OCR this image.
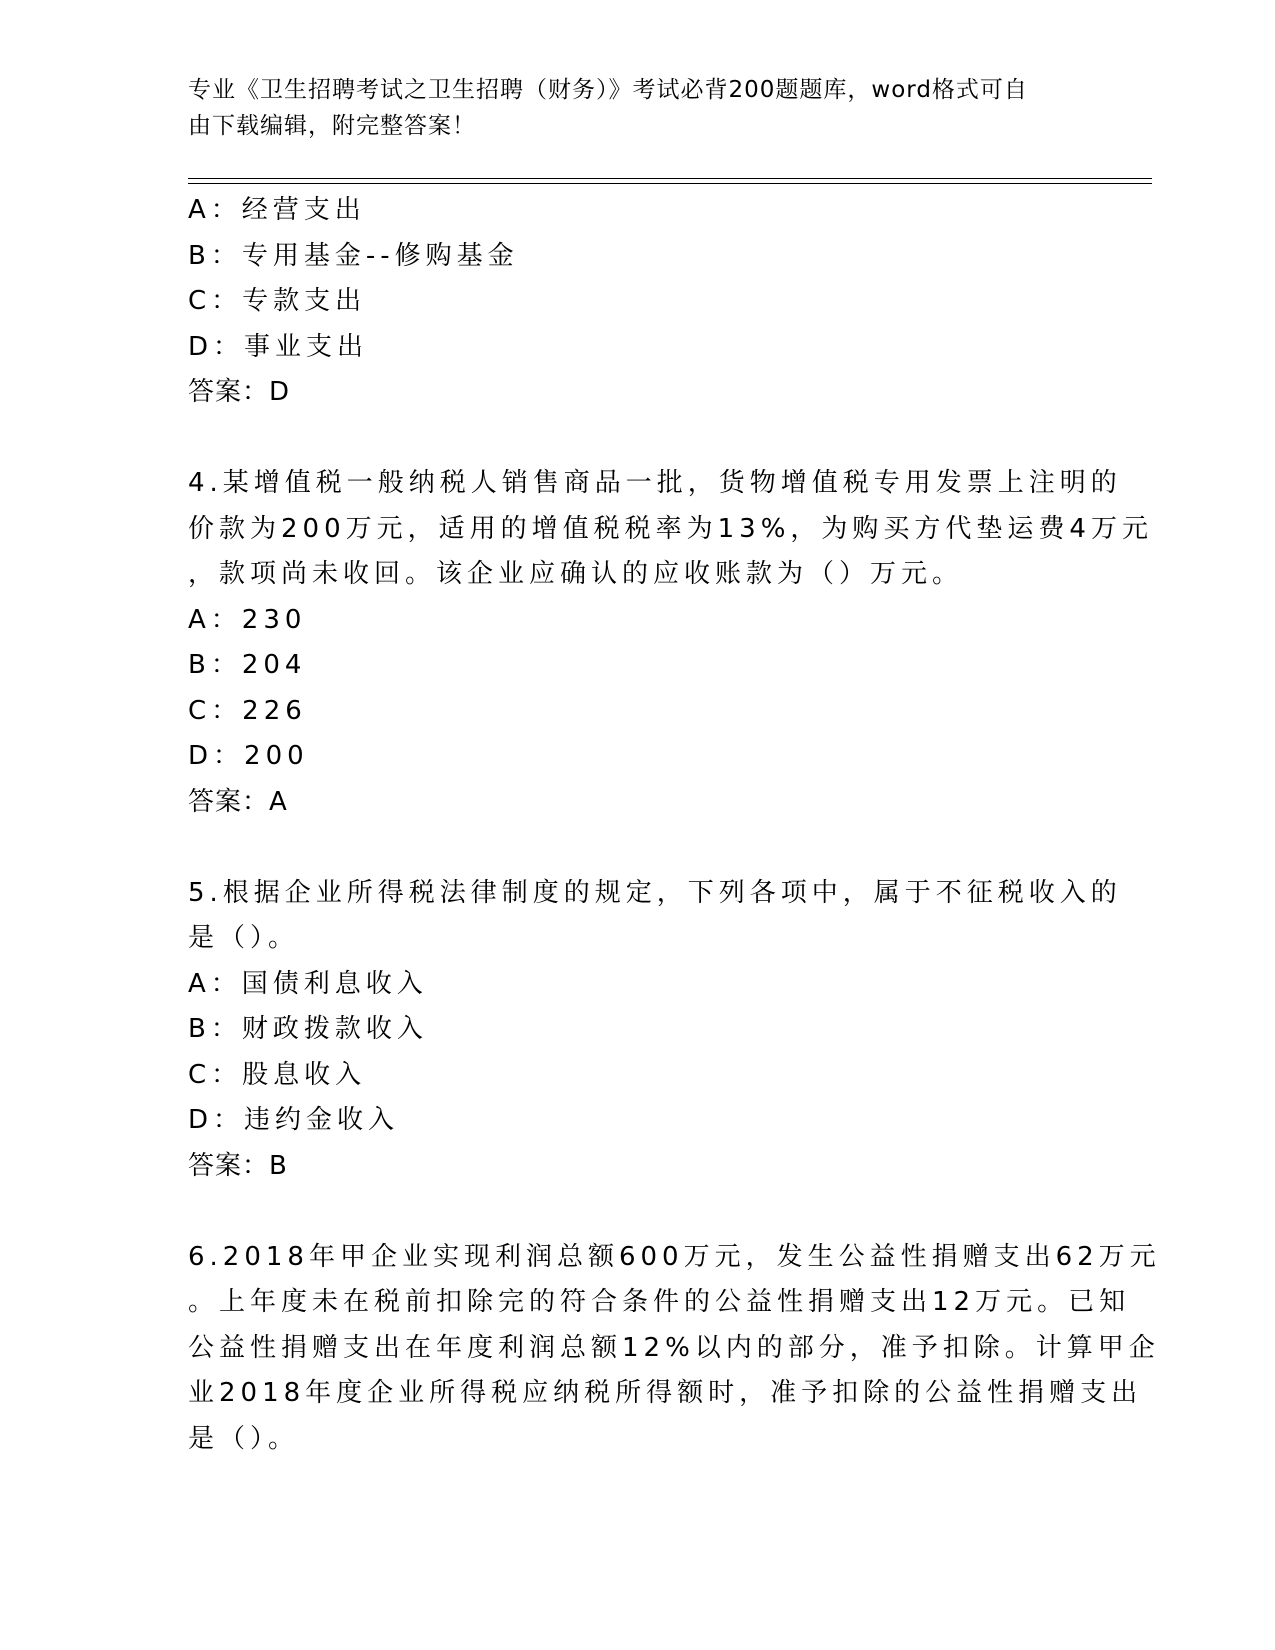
专业《卫生招聘考试之卫生招聘（财务）》考试必背200题题库，word格式可自
由下载编辑，附完整答案！
A：经营支出
B：专用基金--修购基金
C：专款支出
D：事业支出
答案：D
4.某增值税一般纳税人销售商品一批，货物增值税专用发票上注明的
价款为200万元，适用的增值税税率为13%，为购买方代垫运费4万元
，款项尚未收回。该企业应确认的应收账款为（）万元。
A：230
B：204
C：226
D：200
答案：A
5.根据企业所得税法律制度的规定，下列各项中，属于不征税收入的
是（）。
A：国债利息收入
B：财政拨款收入
C：股息收入
D：违约金收入
答案：B
6.2018年甲企业实现利润总额600万元，发生公益性捐赠支出62万元
。上年度未在税前扣除完的符合条件的公益性捐赠支出12万元。已知
公益性捐赠支出在年度利润总额12%以内的部分，准予扣除。计算甲企
业2018年度企业所得税应纳税所得额时，准予扣除的公益性捐赠支出
是（）。
